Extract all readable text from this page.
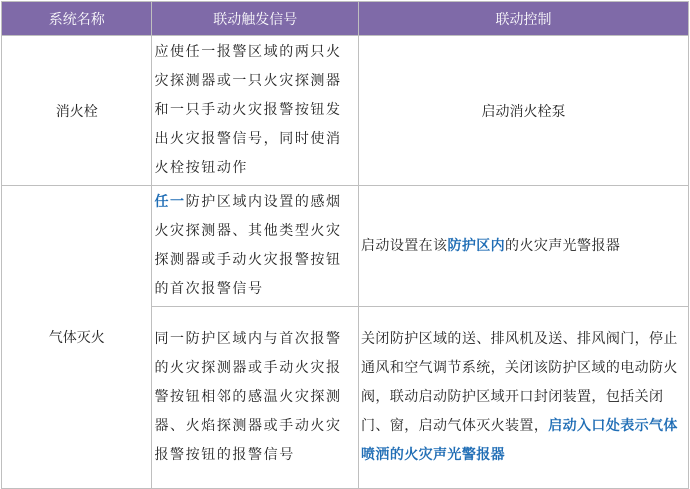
系统名称	联动触发信号	联动控制
消火栓	应使任一报警区域的两只火灾探测器或一只火灾探测器和一只手动火灾报警按钮发出火灾报警信号，同时使消火栓按钮动作	启动消火栓泵
气体灭火	任一防护区域内设置的感烟火灾探测器、其他类型火灾探测器或手动火灾报警按钮的首次报警信号	启动设置在该防护区内的火灾声光警报器
	同一防护区域内与首次报警的火灾探测器或手动火灾报警按钮相邻的感温火灾探测器、火焰探测器或手动火灾报警按钮的报警信号	关闭防护区域的送、排风机及送、排风阀门，停止通风和空气调节系统，关闭该防护区域的电动防火阀，联动启动防护区域开口封闭装置，包括关闭门、窗，启动气体灭火装置，启动入口处表示气体喷洒的火灾声光警报器
